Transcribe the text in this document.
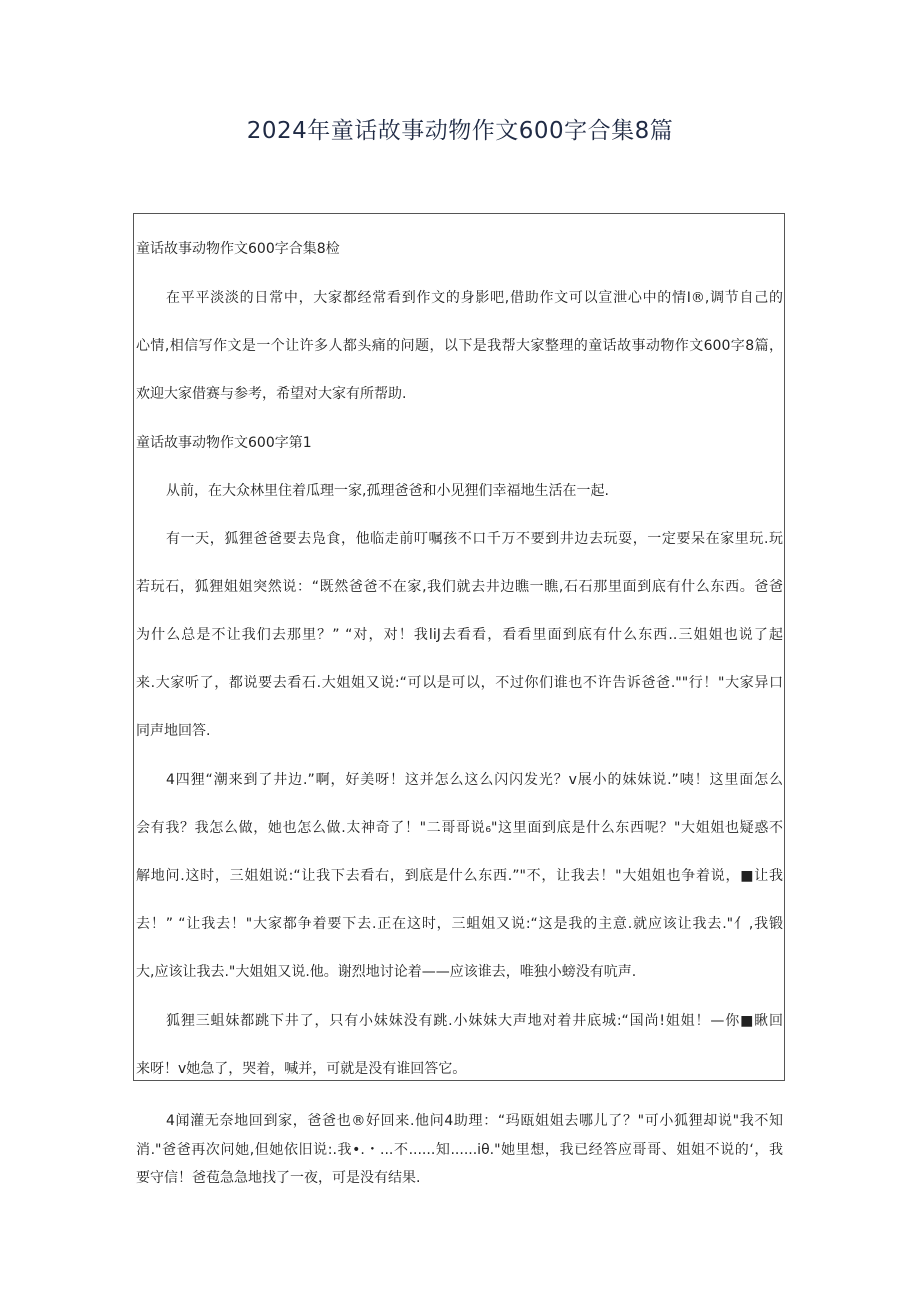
2024年童话故事动物作文600字合集8篇

童话故事动物作文600字合集8检

在平平淡淡的日常中，大家都经常看到作文的身影吧,借助作文可以宣泄心中的情I®,调节自己的

心情,相信写作文是一个让许多人都头痛的问题，以下是我帮大家整理的童话故事动物作文600字8篇，

欢迎大家借赛与参考，希望对大家有所帮助.

童话故事动物作文600字第1

从前，在大众林里住着瓜理一家,孤理爸爸和小见狸们幸福地生活在一起.

有一天，狐狸爸爸要去凫食，他临走前叮嘱孩不口千万不要到井边去玩耍，一定要呆在家里玩.玩

若玩石，狐狸姐姐突然说：“既然爸爸不在家,我们就去井边瞧一瞧,石石那里面到底有什么东西。爸爸

为什么总是不让我们去那里？” “对，对！我liJ去看看，看看里面到底有什么东西..三姐姐也说了起

来.大家听了，都说要去看石.大姐姐又说:“可以是可以，不过你们谁也不许告诉爸爸.""行！"大家异口

同声地回答.

4四狸“潮来到了井边.”啊，好美呀！这并怎么这么闪闪发光？v展小的妹妹说.”咦！这里面怎么

会有我？我怎么做，她也怎么做.太神奇了！"二哥哥说₆"这里面到底是什么东西呢？"大姐姐也疑惑不

解地问.这时，三姐姐说:“让我下去看右，到底是什么东西.”"不，让我去！"大姐姐也争着说，■让我

去！” “让我去！"大家都争着要下去.正在这时，三蛆姐又说:“这是我的主意.就应该让我去."亻,我锻

大,应该让我去."大姐姐又说.他。谢烈地讨论着——应该谁去，唯独小螃没有吭声.

狐狸三蛆妹都跳下井了，只有小妹妹没有跳.小妹妹大声地对着井底城:“国尚!姐姐！—你■瞅回

来呀！v她急了，哭着，喊并，可就是没有谁回答它。

4闻灌无奈地回到家，爸爸也®好回来.他问4助理：“玛瓯姐姐去哪儿了？"可小狐狸却说"我不知

消."爸爸再次问她,但她依旧说:.我•.・...不......知......iθ."她里想，我已经答应哥哥、姐姐不说的‘，我

要守信！爸苞急急地找了一夜，可是没有结果.
